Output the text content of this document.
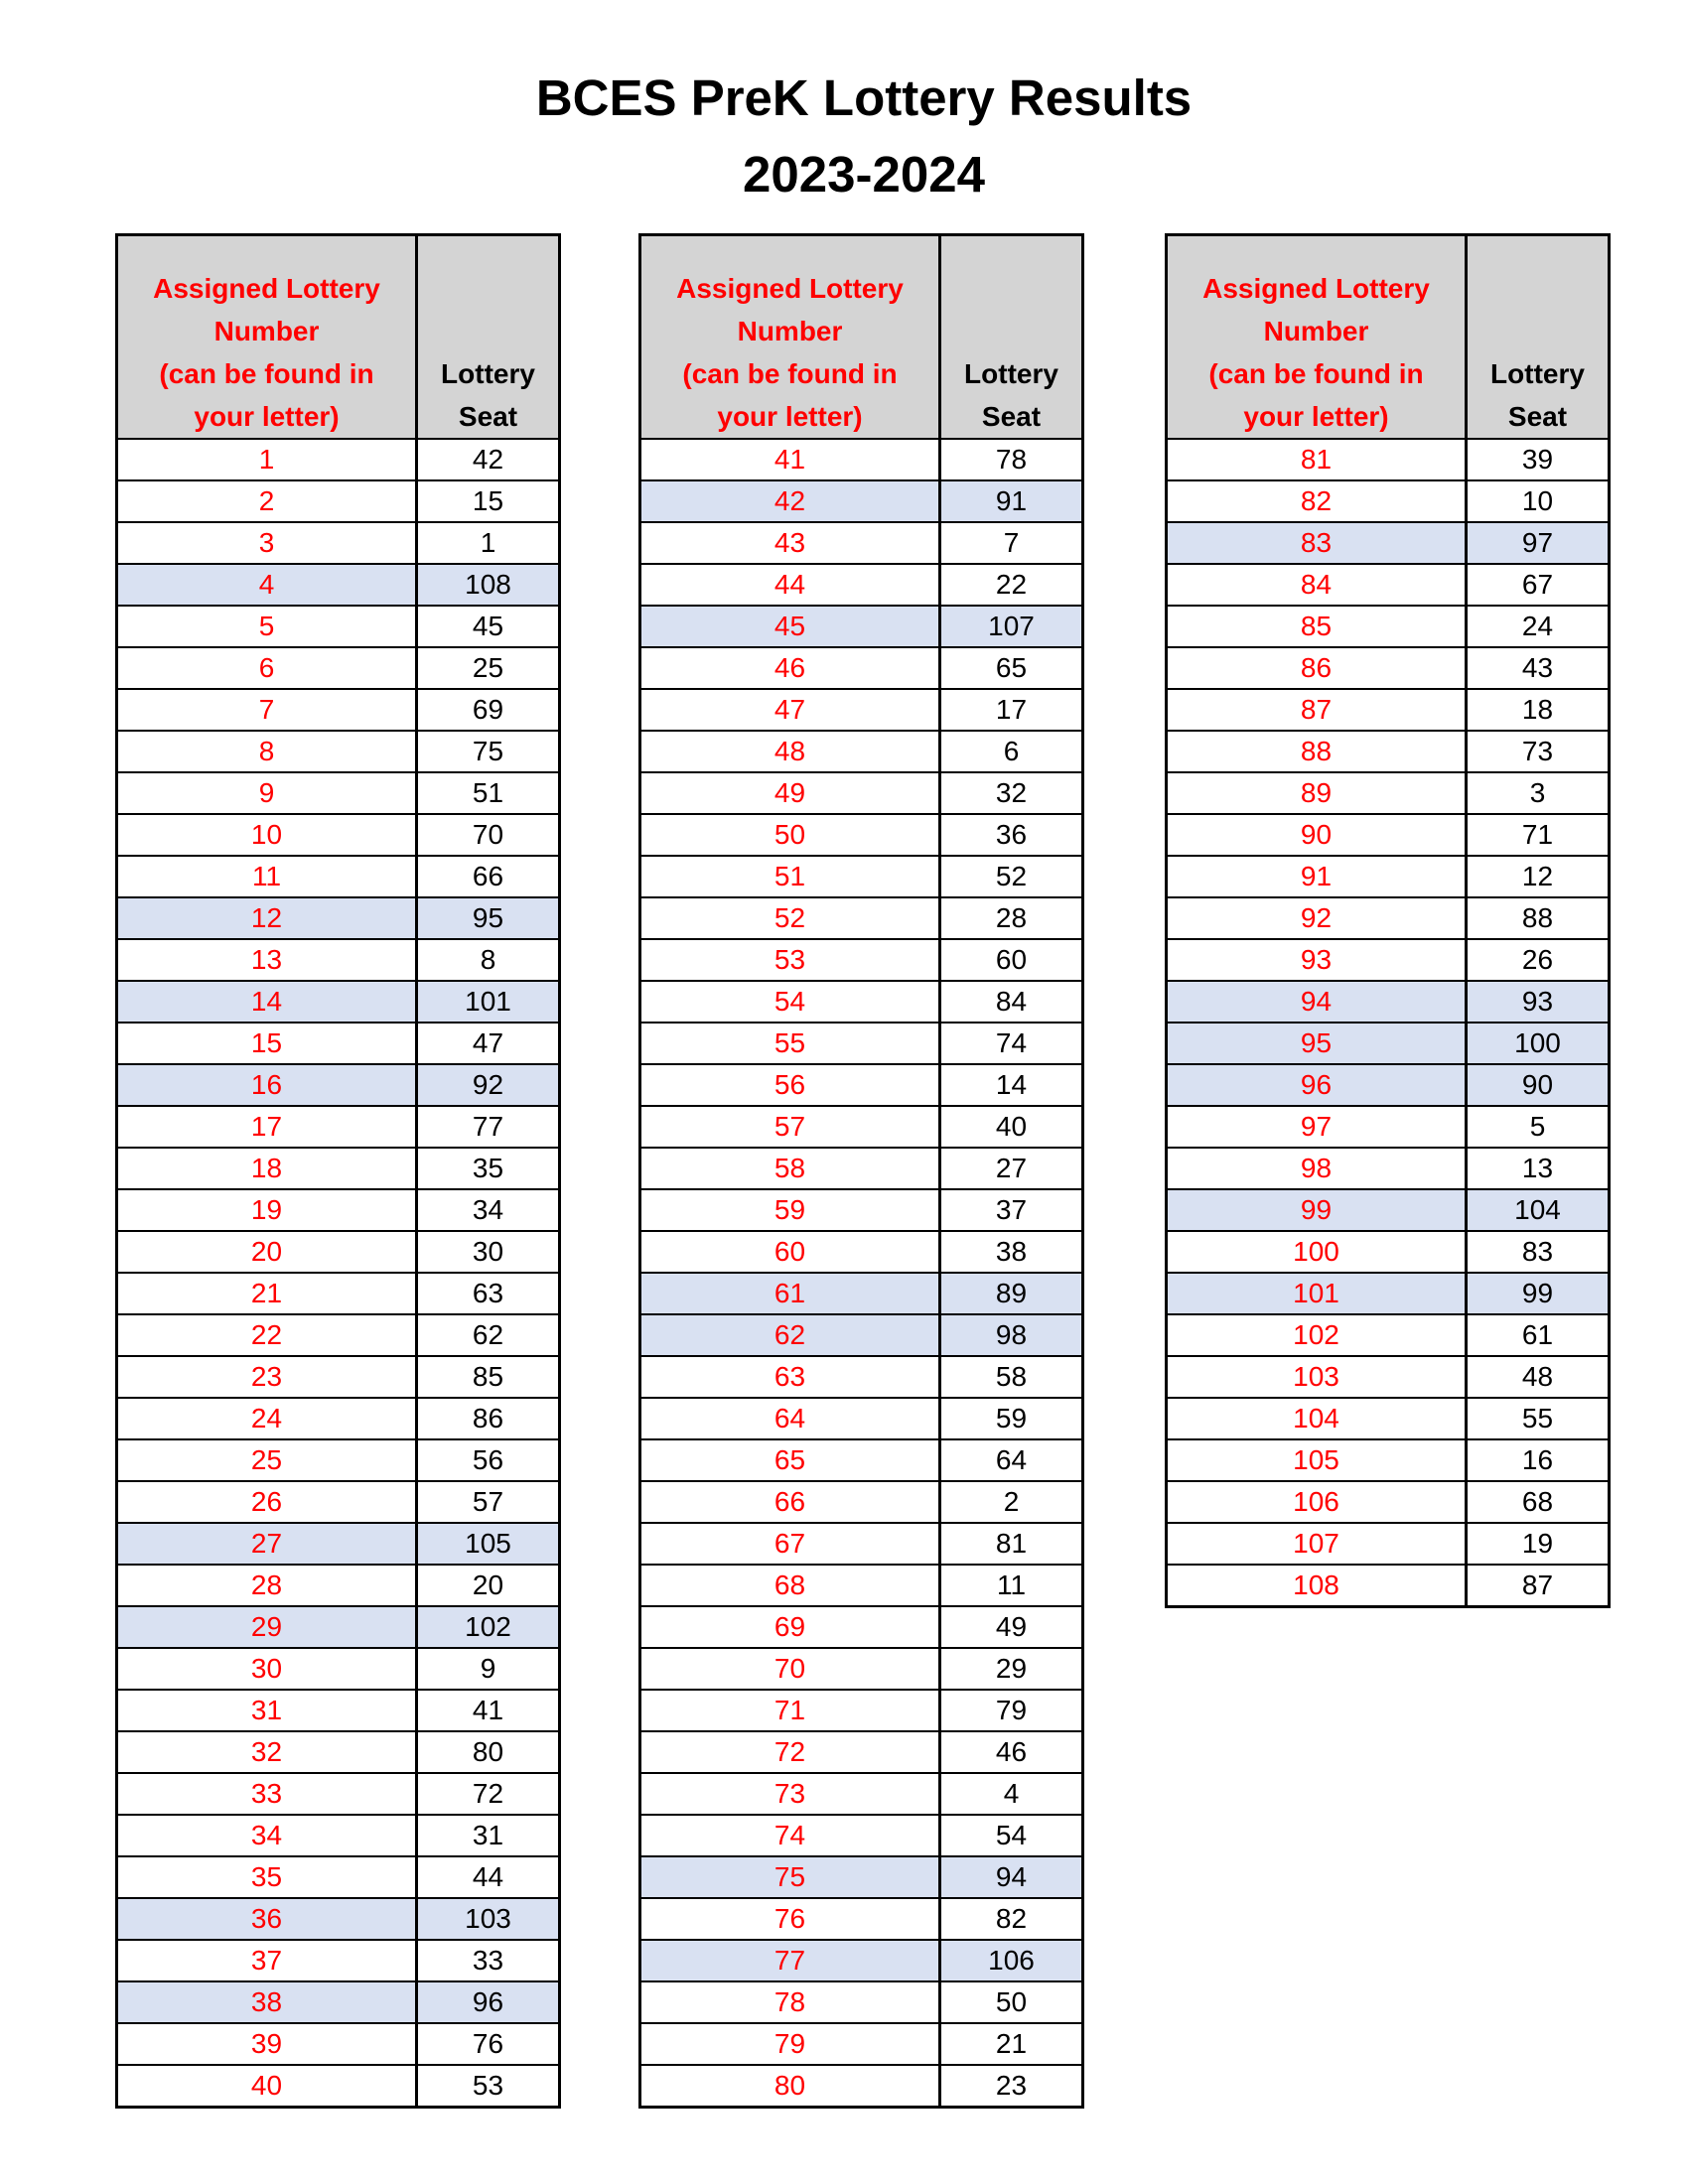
BCES PreK Lottery Results
2023-2024
Assigned Lottery
Number
(can be found in
your letter)	Lottery
Seat

1	42
2	15
3	1
4	108
5	45
6	25
7	69
8	75
9	51
10	70
11	66
12	95
13	8
14	101
15	47
16	92
17	77
18	35
19	34
20	30
21	63
22	62
23	85
24	86
25	56
26	57
27	105
28	20
29	102
30	9
31	41
32	80
33	72
34	31
35	44
36	103
37	33
38	96
39	76
40	53
Assigned Lottery
Number
(can be found in
your letter)	Lottery
Seat

41	78
42	91
43	7
44	22
45	107
46	65
47	17
48	6
49	32
50	36
51	52
52	28
53	60
54	84
55	74
56	14
57	40
58	27
59	37
60	38
61	89
62	98
63	58
64	59
65	64
66	2
67	81
68	11
69	49
70	29
71	79
72	46
73	4
74	54
75	94
76	82
77	106
78	50
79	21
80	23
Assigned Lottery
Number
(can be found in
your letter)	Lottery
Seat

81	39
82	10
83	97
84	67
85	24
86	43
87	18
88	73
89	3
90	71
91	12
92	88
93	26
94	93
95	100
96	90
97	5
98	13
99	104
100	83
101	99
102	61
103	48
104	55
105	16
106	68
107	19
108	87
